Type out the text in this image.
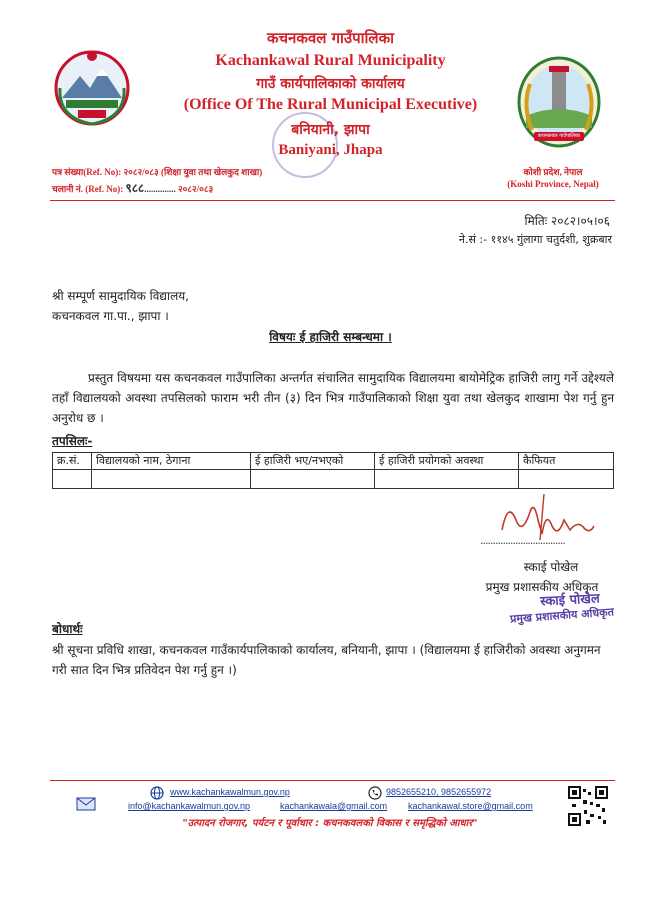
कचनकवल गाउँपालिका
कचनकवल गाउँपालिका
Kachankawal Rural Municipality
गाउँ कार्यपालिकाको कार्यालय
(Office Of The Rural Municipal Executive)
बनियानी, झापा
Baniyani, Jhapa
पत्र संख्या(Ref. No): २०८२/०८३ (शिक्षा युवा तथा खेलकुद शाखा)
चलानी नं. (Ref. No): ९८८.............. २०८२/०८३
कोशी प्रदेश, नेपाल
(Koshi Province, Nepal)
मितिः २०८२।०५।०६
ने.सं :- ११४५ गुंलागा चतुर्दशी, शुक्रबार
श्री सम्पूर्ण सामुदायिक विद्यालय,
कचनकवल गा.पा., झापा ।
विषयः ई हाजिरी सम्बन्धमा ।
प्रस्तुत विषयमा यस कचनकवल गाउँपालिका अन्तर्गत संचालित सामुदायिक विद्यालयमा बायोमेट्रिक हाजिरी लागु गर्ने उद्देश्यले तहाँ विद्यालयको अवस्था तपसिलको फाराम भरी तीन (३) दिन भित्र गाउँपालिकाको शिक्षा युवा तथा खेलकुद शाखामा पेश गर्नु हुन अनुरोध छ ।
तपसिलः-
क्र.सं.	विद्यालयको नाम, ठेगाना	ई हाजिरी भए/नभएको	ई हाजिरी प्रयोगको अवस्था	कैफियत

..................................
स्काई पोखेल
प्रमुख प्रशासकीय अधिकृत
स्काई पोखेल
प्रमुख प्रशासकीय अधिकृत
बोधार्थः
श्री सूचना प्रविधि शाखा, कचनकवल गाउँकार्यपालिकाको कार्यालय, बनियानी, झापा । (विद्यालयमा ई हाजिरीको अवस्था अनुगमन गरी सात दिन भित्र प्रतिवेदन पेश गर्नु हुन ।)
www.kachankawalmun.gov.np	9852655210, 9852655972
info@kachankawalmun.gov.np	kachankawala@gmail.com kachankawal.store@gmail.com
"उत्पादन रोजगार, पर्यटन र पूर्वाधार : कचनकवलको विकास र समृद्धिको आधार"
